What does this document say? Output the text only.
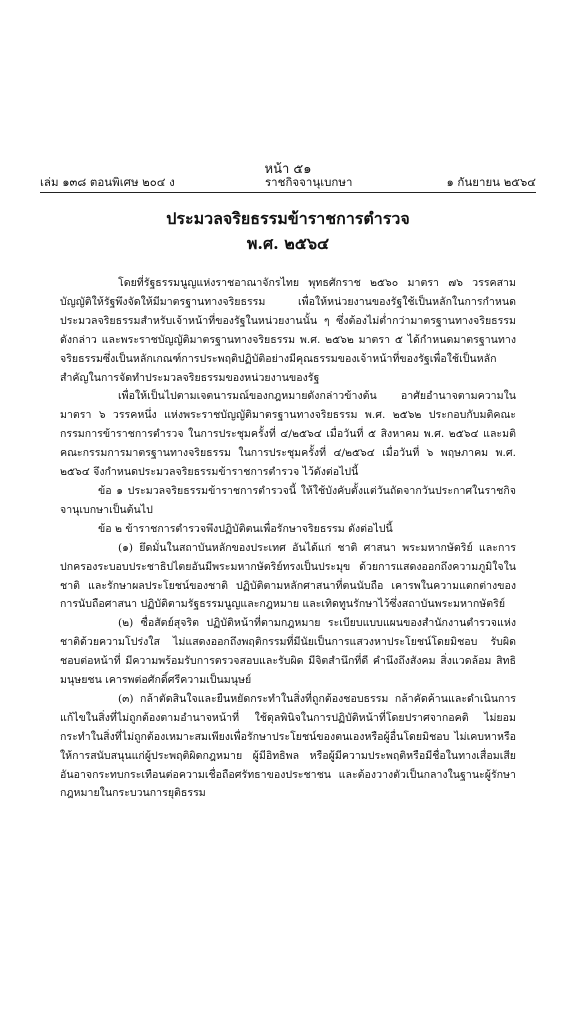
หน้า ๕๑
เล่ม ๑๓๘ ตอนพิเศษ ๒๐๔ ง	ราชกิจจานุเบกษา	๑ กันยายน ๒๕๖๔
ประมวลจริยธรรมข้าราชการตำรวจ
พ.ศ. ๒๕๖๔

โดยที่รัฐธรรมนูญแห่งราชอาณาจักรไทย พุทธศักราช ๒๕๖๐ มาตรา ๗๖ วรรคสาม บัญญัติให้รัฐพึงจัดให้มีมาตรฐานทางจริยธรรม เพื่อให้หน่วยงานของรัฐใช้เป็นหลักในการกำหนดประมวลจริยธรรมสำหรับเจ้าหน้าที่ของรัฐในหน่วยงานนั้น ๆ ซึ่งต้องไม่ต่ำกว่ามาตรฐานทางจริยธรรมดังกล่าว และพระราชบัญญัติมาตรฐานทางจริยธรรม พ.ศ. ๒๕๖๒ มาตรา ๕ ได้กำหนดมาตรฐานทางจริยธรรมซึ่งเป็นหลักเกณฑ์การประพฤติปฏิบัติอย่างมีคุณธรรมของเจ้าหน้าที่ของรัฐเพื่อใช้เป็นหลักสำคัญในการจัดทำประมวลจริยธรรมของหน่วยงานของรัฐ

เพื่อให้เป็นไปตามเจตนารมณ์ของกฎหมายดังกล่าวข้างต้น อาศัยอำนาจตามความในมาตรา ๖ วรรคหนึ่ง แห่งพระราชบัญญัติมาตรฐานทางจริยธรรม พ.ศ. ๒๕๖๒ ประกอบกับมติคณะกรรมการข้าราชการตำรวจ ในการประชุมครั้งที่ ๔/๒๕๖๔ เมื่อวันที่ ๕ สิงหาคม พ.ศ. ๒๕๖๔ และมติคณะกรรมการมาตรฐานทางจริยธรรม ในการประชุมครั้งที่ ๔/๒๕๖๔ เมื่อวันที่ ๖ พฤษภาคม พ.ศ. ๒๕๖๔ จึงกำหนดประมวลจริยธรรมข้าราชการตำรวจ ไว้ดังต่อไปนี้

ข้อ ๑ ประมวลจริยธรรมข้าราชการตำรวจนี้ ให้ใช้บังคับตั้งแต่วันถัดจากวันประกาศในราชกิจจานุเบกษาเป็นต้นไป

ข้อ ๒ ข้าราชการตำรวจพึงปฏิบัติตนเพื่อรักษาจริยธรรม ดังต่อไปนี้

(๑) ยึดมั่นในสถาบันหลักของประเทศ อันได้แก่ ชาติ ศาสนา พระมหากษัตริย์ และการปกครองระบอบประชาธิปไตยอันมีพระมหากษัตริย์ทรงเป็นประมุข ด้วยการแสดงออกถึงความภูมิใจในชาติ และรักษาผลประโยชน์ของชาติ ปฏิบัติตามหลักศาสนาที่ตนนับถือ เคารพในความแตกต่างของการนับถือศาสนา ปฏิบัติตามรัฐธรรมนูญและกฎหมาย และเทิดทูนรักษาไว้ซึ่งสถาบันพระมหากษัตริย์

(๒) ซื่อสัตย์สุจริต ปฏิบัติหน้าที่ตามกฎหมาย ระเบียบแบบแผนของสำนักงานตำรวจแห่งชาติด้วยความโปร่งใส ไม่แสดงออกถึงพฤติกรรมที่มีนัยเป็นการแสวงหาประโยชน์โดยมิชอบ รับผิดชอบต่อหน้าที่ มีความพร้อมรับการตรวจสอบและรับผิด มีจิตสำนึกที่ดี คำนึงถึงสังคม สิ่งแวดล้อม สิทธิมนุษยชน เคารพต่อศักดิ์ศรีความเป็นมนุษย์

(๓) กล้าตัดสินใจและยืนหยัดกระทำในสิ่งที่ถูกต้องชอบธรรม กล้าคัดค้านและดำเนินการแก้ไขในสิ่งที่ไม่ถูกต้องตามอำนาจหน้าที่ ใช้ดุลพินิจในการปฏิบัติหน้าที่โดยปราศจากอคติ ไม่ยอมกระทำในสิ่งที่ไม่ถูกต้องเหมาะสมเพียงเพื่อรักษาประโยชน์ของตนเองหรือผู้อื่นโดยมิชอบ ไม่เคบหาหรือให้การสนับสนุนแก่ผู้ประพฤติผิดกฎหมาย ผู้มีอิทธิพล หรือผู้มีความประพฤติหรือมีชื่อในทางเสื่อมเสีย อันอาจกระทบกระเทือนต่อความเชื่อถือศรัทธาของประชาชน และต้องวางตัวเป็นกลางในฐานะผู้รักษากฎหมายในกระบวนการยุติธรรม
